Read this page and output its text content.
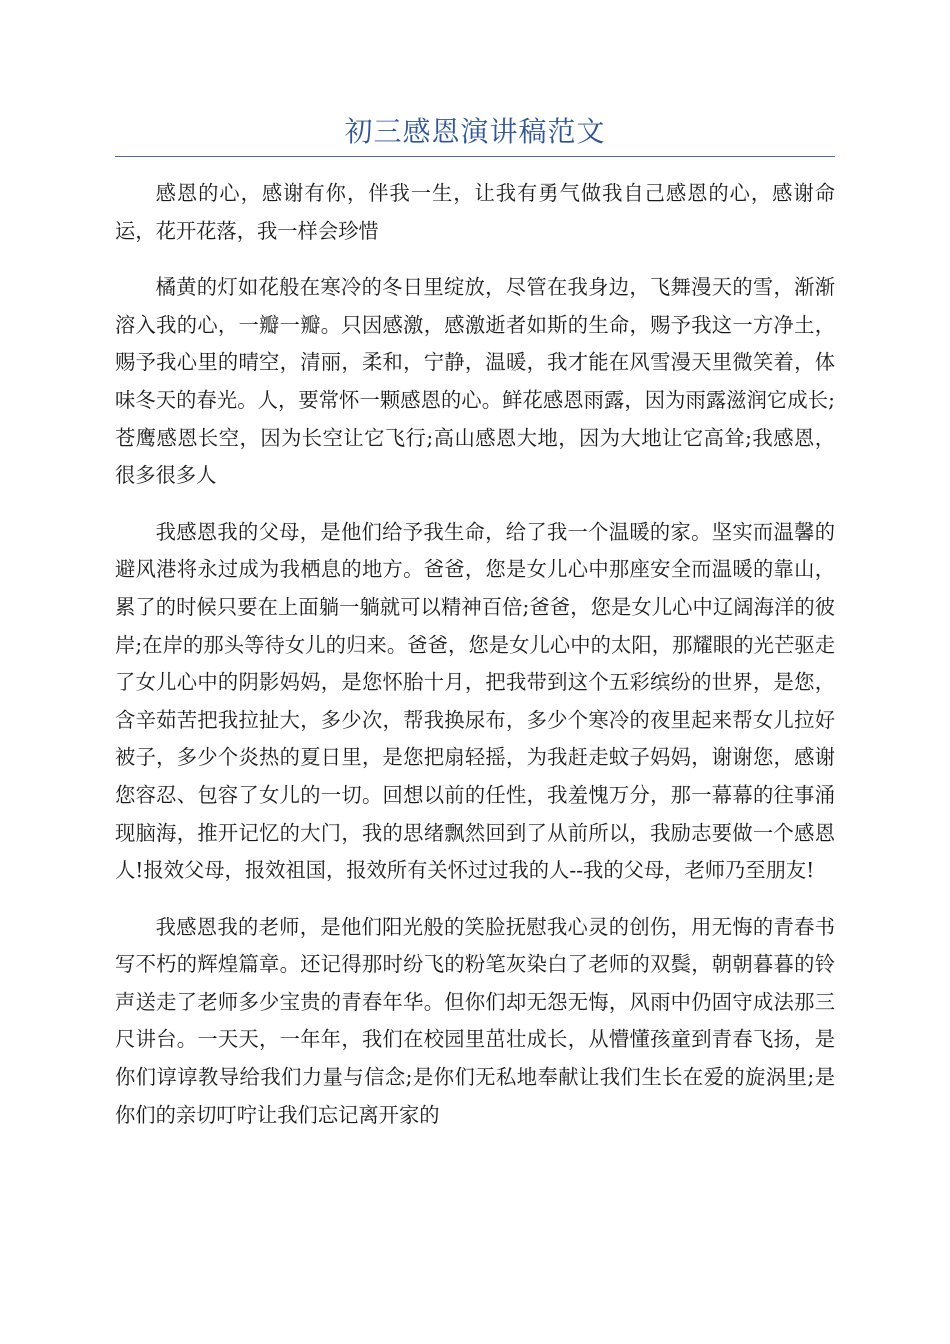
初三感恩演讲稿范文

感恩的心，感谢有你，伴我一生，让我有勇气做我自己感恩的心，感谢命运，花开花落，我一样会珍惜

橘黄的灯如花般在寒冷的冬日里绽放，尽管在我身边，飞舞漫天的雪，渐渐溶入我的心，一瓣一瓣。只因感激，感激逝者如斯的生命，赐予我这一方净土，赐予我心里的晴空，清丽，柔和，宁静，温暖，我才能在风雪漫天里微笑着，体味冬天的春光。人，要常怀一颗感恩的心。鲜花感恩雨露，因为雨露滋润它成长;苍鹰感恩长空，因为长空让它飞行;高山感恩大地，因为大地让它高耸;我感恩，很多很多人

我感恩我的父母，是他们给予我生命，给了我一个温暖的家。坚实而温馨的避风港将永过成为我栖息的地方。爸爸，您是女儿心中那座安全而温暖的靠山，累了的时候只要在上面躺一躺就可以精神百倍;爸爸，您是女儿心中辽阔海洋的彼岸;在岸的那头等待女儿的归来。爸爸，您是女儿心中的太阳，那耀眼的光芒驱走了女儿心中的阴影妈妈，是您怀胎十月，把我带到这个五彩缤纷的世界，是您，含辛茹苦把我拉扯大，多少次，帮我换尿布，多少个寒冷的夜里起来帮女儿拉好被子，多少个炎热的夏日里，是您把扇轻摇，为我赶走蚊子妈妈，谢谢您，感谢您容忍、包容了女儿的一切。回想以前的任性，我羞愧万分，那一幕幕的往事涌现脑海，推开记忆的大门，我的思绪飘然回到了从前所以，我励志要做一个感恩人!报效父母，报效祖国，报效所有关怀过过我的人--我的父母，老师乃至朋友!

我感恩我的老师，是他们阳光般的笑脸抚慰我心灵的创伤，用无悔的青春书写不朽的辉煌篇章。还记得那时纷飞的粉笔灰染白了老师的双鬓，朝朝暮暮的铃声送走了老师多少宝贵的青春年华。但你们却无怨无悔，风雨中仍固守成法那三尺讲台。一天天，一年年，我们在校园里茁壮成长，从懵懂孩童到青春飞扬，是你们谆谆教导给我们力量与信念;是你们无私地奉献让我们生长在爱的旋涡里;是你们的亲切叮咛让我们忘记离开家的
